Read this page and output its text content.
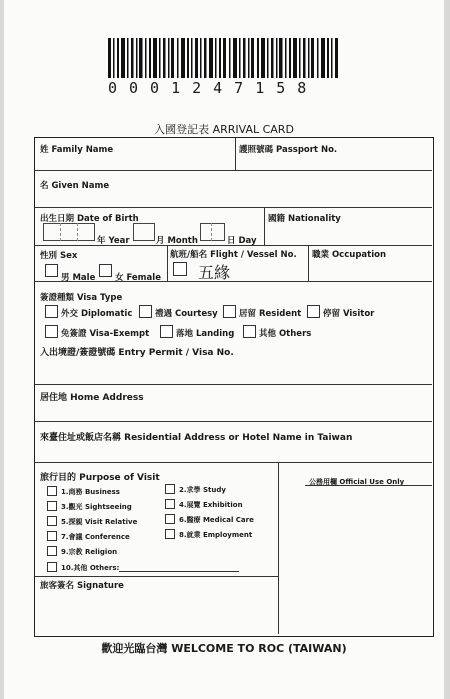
0001247158
入國登記表 ARRIVAL CARD
姓 Family Name	護照號碼 Passport No.
名 Given Name
出生日期 Date of Birth
年 Year	月 Month	日 Day
國籍 Nationality
性別 Sex
男 Male 女 Female
航班/船名 Flight / Vessel No.
五緣
職業 Occupation
簽證種類 Visa Type
外交 Diplomatic	禮遇 Courtesy	居留 Resident	停留 Visitor
免簽證 Visa-Exempt	落地 Landing	其他 Others
入出境證/簽證號碼 Entry Permit / Visa No.
居住地 Home Address
來臺住址或飯店名稱 Residential Address or Hotel Name in Taiwan
旅行目的 Purpose of Visit	公務用欄 Official Use Only
1.商務 Business
3.觀光 Sightseeing
5.探親 Visit Relative
7.會議 Conference
9.宗教 Religion
10.其他 Others:
2.求學 Study
4.展覽 Exhibition
6.醫療 Medical Care
8.就業 Employment
旅客簽名 Signature
歡迎光臨台灣 WELCOME TO ROC (TAIWAN)
